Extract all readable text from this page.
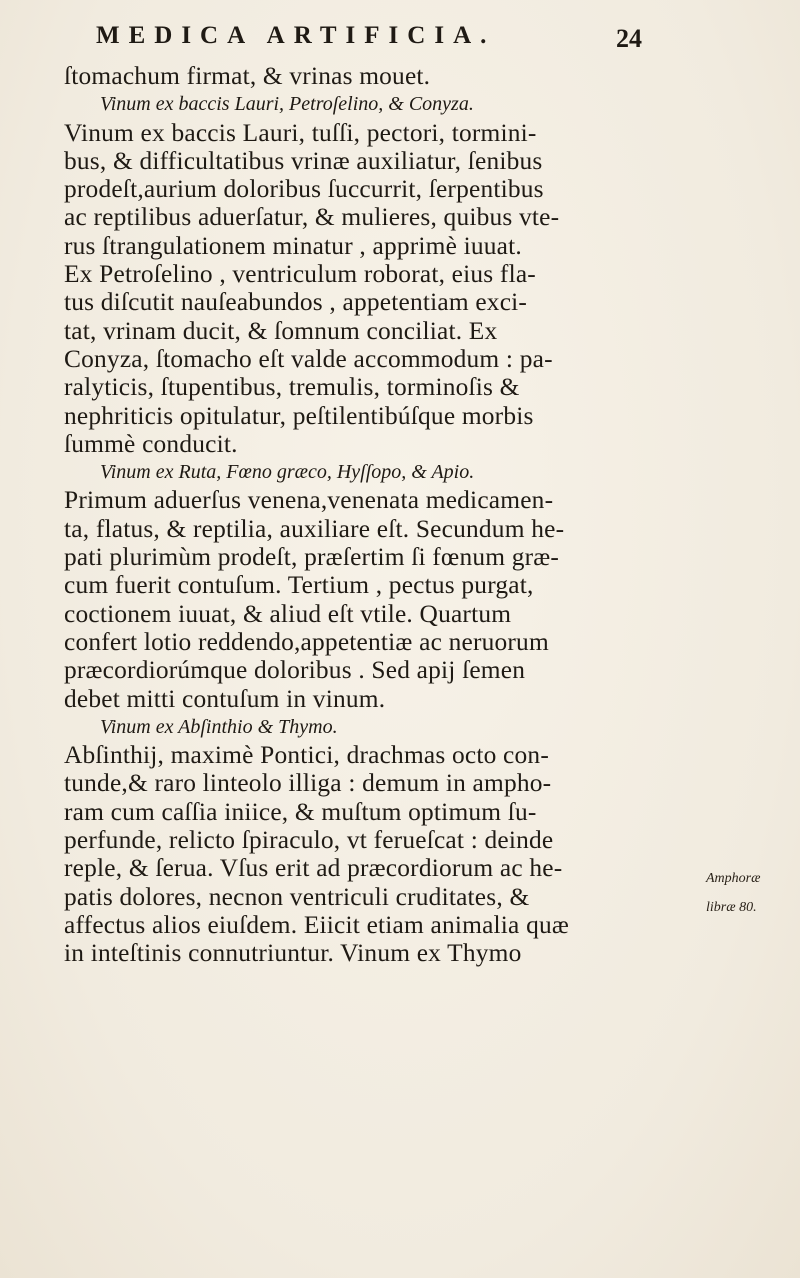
MEDICA ARTIFICIA.	24
ſtomachum firmat, & vrinas mouet.
Vinum ex baccis Lauri, Petroſelino, & Conyza.
Vinum ex baccis Lauri, tuſſi, pectori, tormini-
bus, & difficultatibus vrinæ auxiliatur, ſenibus
prodeſt,aurium doloribus ſuccurrit, ſerpentibus
ac reptilibus aduerſatur, & mulieres, quibus vte-
rus ſtrangulationem minatur , apprimè iuuat.
Ex Petroſelino , ventriculum roborat, eius fla-
tus diſcutit nauſeabundos , appetentiam exci-
tat, vrinam ducit, & ſomnum conciliat. Ex
Conyza, ſtomacho eſt valde accommodum : pa-
ralyticis, ſtupentibus, tremulis, torminoſis &
nephriticis opitulatur, peſtilentibúſque morbis
ſummè conducit.
Vinum ex Ruta, Fœno græco, Hyſſopo, & Apio.
Primum aduerſus venena,venenata medicamen-
ta, flatus, & reptilia, auxiliare eſt. Secundum he-
pati plurimùm prodeſt, præſertim ſi fœnum græ-
cum fuerit contuſum. Tertium , pectus purgat,
coctionem iuuat, & aliud eſt vtile. Quartum
confert lotio reddendo,appetentiæ ac neruorum
præcordiorúmque doloribus . Sed apij ſemen
debet mitti contuſum in vinum.
Vinum ex Abſinthio & Thymo.
Abſinthij, maximè Pontici, drachmas octo con-
tunde,& raro linteolo illiga : demum in ampho-
ram cum caſſia iniice, & muſtum optimum ſu-
perfunde, relicto ſpiraculo, vt ferueſcat : deinde
reple, & ſerua. Vſus erit ad præcordiorum ac he-
patis dolores, necnon ventriculi cruditates, &
affectus alios eiuſdem. Eiicit etiam animalia quæ
in inteſtinis connutriuntur. Vinum ex Thymo
Amphoræ
libræ 80.
